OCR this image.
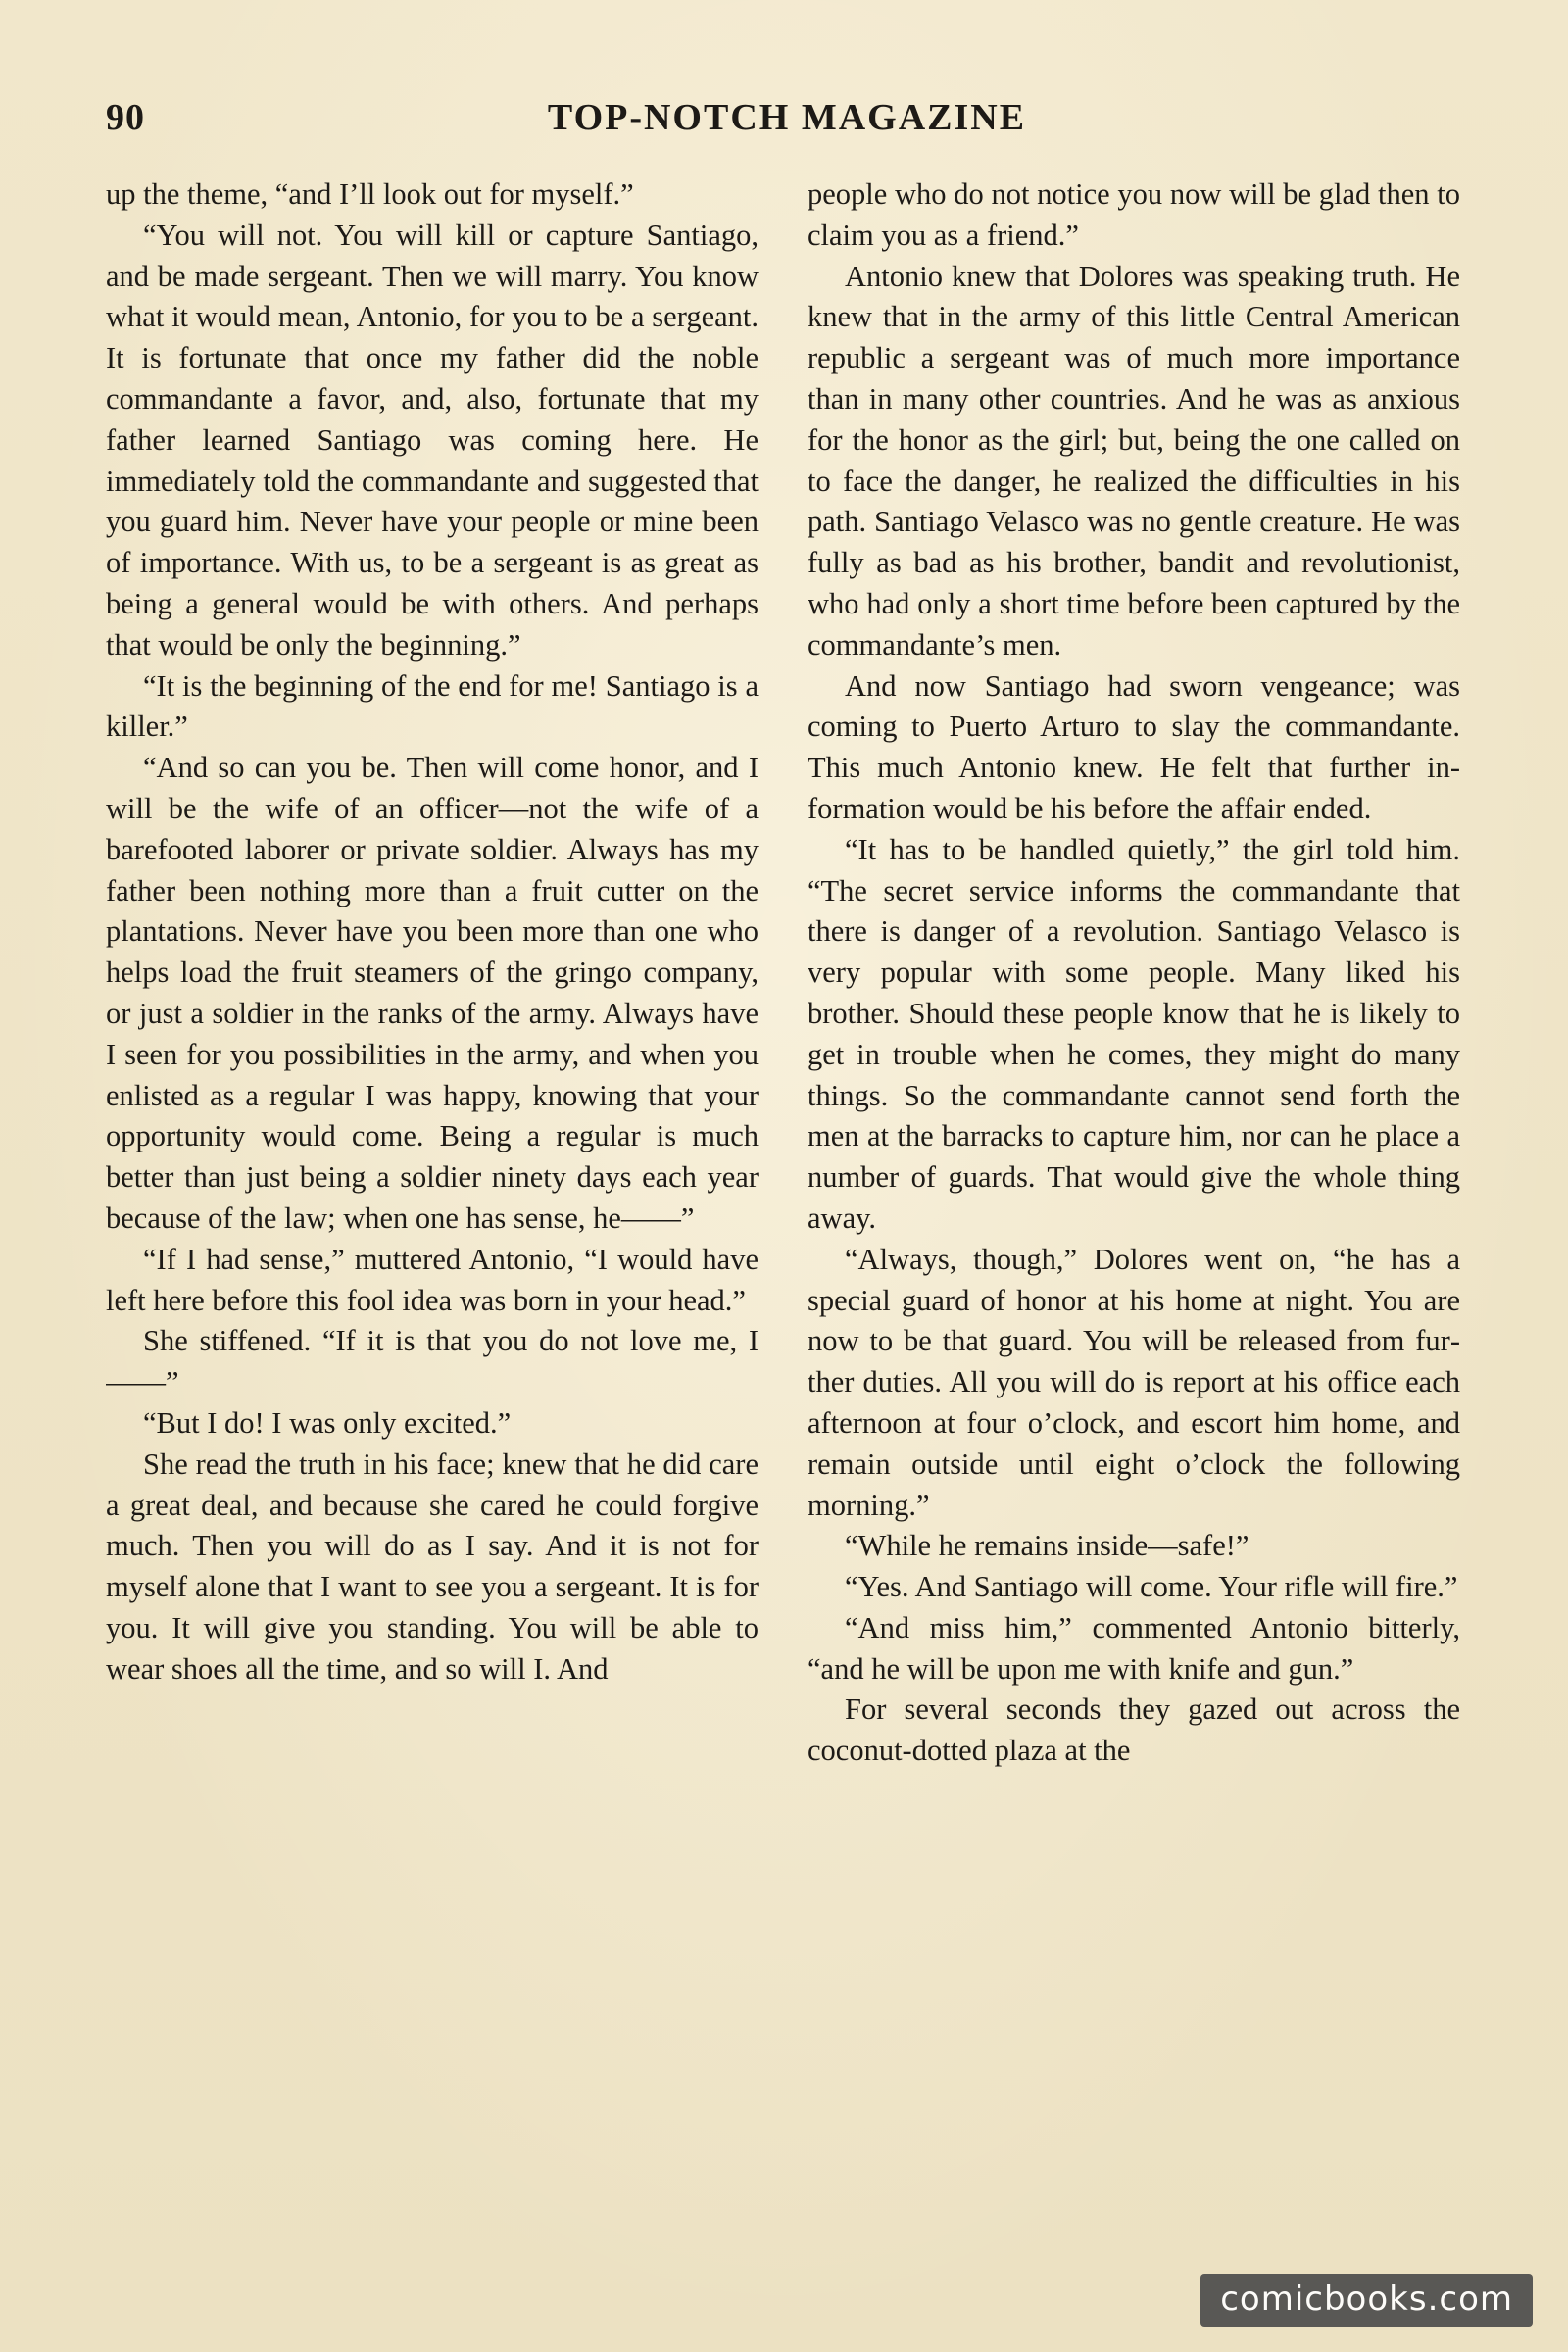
90	TOP-NOTCH MAGAZINE

up the theme, “and I’ll look out for myself.”

“You will not. You will kill or capture Santiago, and be made sergeant. Then we will marry. You know what it would mean, Antonio, for you to be a sergeant. It is fortunate that once my father did the noble commandante a favor, and, also, fortunate that my father learned Santiago was coming here. He immediately told the commandante and suggested that you guard him. Never have your people or mine been of importance. With us, to be a sergeant is as great as being a general would be with others. And perhaps that would be only the beginning.”

“It is the beginning of the end for me! Santiago is a killer.”

“And so can you be. Then will come honor, and I will be the wife of an officer—not the wife of a barefooted laborer or private soldier. Always has my father been nothing more than a fruit cutter on the plantations. Never have you been more than one who helps load the fruit steamers of the gringo company, or just a soldier in the ranks of the army. Always have I seen for you possibilities in the army, and when you enlisted as a regular I was happy, knowing that your opportunity would come. Being a regular is much better than just being a soldier ninety days each year because of the law; when one has sense, he——”

“If I had sense,” muttered Antonio, “I would have left here before this fool idea was born in your head.”

She stiffened. “If it is that you do not love me, I——”

“But I do! I was only excited.”

She read the truth in his face; knew that he did care a great deal, and because she cared he could forgive much. Then you will do as I say. And it is not for myself alone that I want to see you a sergeant. It is for you. It will give you standing. You will be able to wear shoes all the time, and so will I. And

people who do not notice you now will be glad then to claim you as a friend.”

Antonio knew that Dolores was speaking truth. He knew that in the army of this little Central American republic a sergeant was of much more importance than in many other countries. And he was as anxious for the honor as the girl; but, being the one called on to face the danger, he realized the difficulties in his path. Santiago Velasco was no gentle creature. He was fully as bad as his brother, bandit and revolutionist, who had only a short time before been captured by the commandante’s men.

And now Santiago had sworn vengeance; was coming to Puerto Arturo to slay the commandante. This much Antonio knew. He felt that further information would be his before the affair ended.

“It has to be handled quietly,” the girl told him. “The secret service informs the commandante that there is danger of a revolution. Santiago Velasco is very popular with some people. Many liked his brother. Should these people know that he is likely to get in trouble when he comes, they might do many things. So the commandante cannot send forth the men at the barracks to capture him, nor can he place a number of guards. That would give the whole thing away.

“Always, though,” Dolores went on, “he has a special guard of honor at his home at night. You are now to be that guard. You will be released from further duties. All you will do is report at his office each afternoon at four o’clock, and escort him home, and remain outside until eight o’clock the following morning.”

“While he remains inside—safe!”

“Yes. And Santiago will come. Your rifle will fire.”

“And miss him,” commented Antonio bitterly, “and he will be upon me with knife and gun.”

For several seconds they gazed out across the coconut-dotted plaza at the

comicbooks.com
